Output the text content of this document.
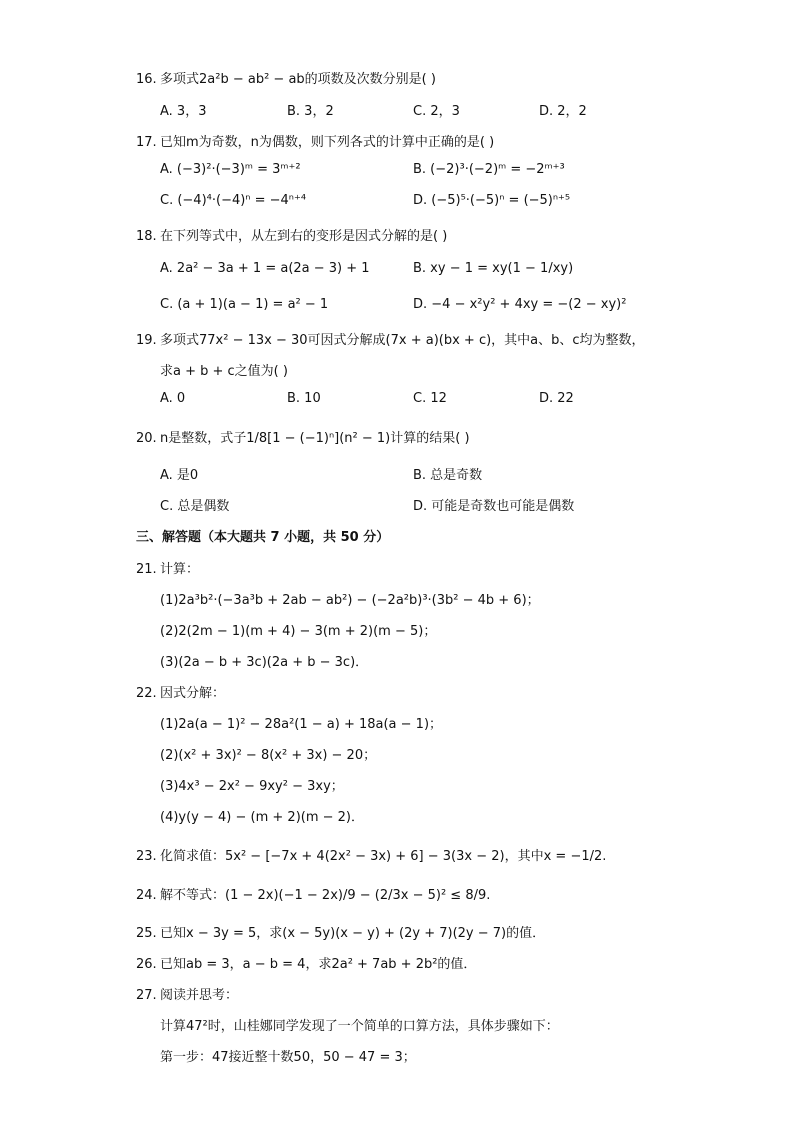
16. 多项式2a²b − ab² − ab的项数及次数分别是( )
A. 3，3	B. 3，2	C. 2，3	D. 2，2
17. 已知m为奇数，n为偶数，则下列各式的计算中正确的是( )
A. (−3)²·(−3)ᵐ = 3ᵐ⁺²	B. (−2)³·(−2)ᵐ = −2ᵐ⁺³
C. (−4)⁴·(−4)ⁿ = −4ⁿ⁺⁴	D. (−5)⁵·(−5)ⁿ = (−5)ⁿ⁺⁵
18. 在下列等式中，从左到右的变形是因式分解的是( )
A. 2a² − 3a + 1 = a(2a − 3) + 1	B. xy − 1 = xy(1 − 1/xy)
C. (a + 1)(a − 1) = a² − 1	D. −4 − x²y² + 4xy = −(2 − xy)²
19. 多项式77x² − 13x − 30可因式分解成(7x + a)(bx + c)，其中a、b、c均为整数，
求a + b + c之值为( )
A. 0	B. 10	C. 12	D. 22
20. n是整数，式子1/8[1 − (−1)ⁿ](n² − 1)计算的结果( )
A. 是0	B. 总是奇数
C. 总是偶数	D. 可能是奇数也可能是偶数
三、解答题（本大题共 7 小题，共 50 分）
21. 计算：
(1)2a³b²·(−3a³b + 2ab − ab²) − (−2a²b)³·(3b² − 4b + 6)；
(2)2(2m − 1)(m + 4) − 3(m + 2)(m − 5)；
(3)(2a − b + 3c)(2a + b − 3c)．
22. 因式分解：
(1)2a(a − 1)² − 28a²(1 − a) + 18a(a − 1)；
(2)(x² + 3x)² − 8(x² + 3x) − 20；
(3)4x³ − 2x² − 9xy² − 3xy；
(4)y(y − 4) − (m + 2)(m − 2)．
23. 化简求值：5x² − [−7x + 4(2x² − 3x) + 6] − 3(3x − 2)，其中x = −1/2.
24. 解不等式：(1 − 2x)(−1 − 2x)/9 − (2/3x − 5)² ≤ 8/9.
25. 已知x − 3y = 5，求(x − 5y)(x − y) + (2y + 7)(2y − 7)的值．
26. 已知ab = 3，a − b = 4，求2a² + 7ab + 2b²的值．
27. 阅读并思考：
计算47²时，山桂娜同学发现了一个简单的口算方法，具体步骤如下：
第一步：47接近整十数50，50 − 47 = 3；
